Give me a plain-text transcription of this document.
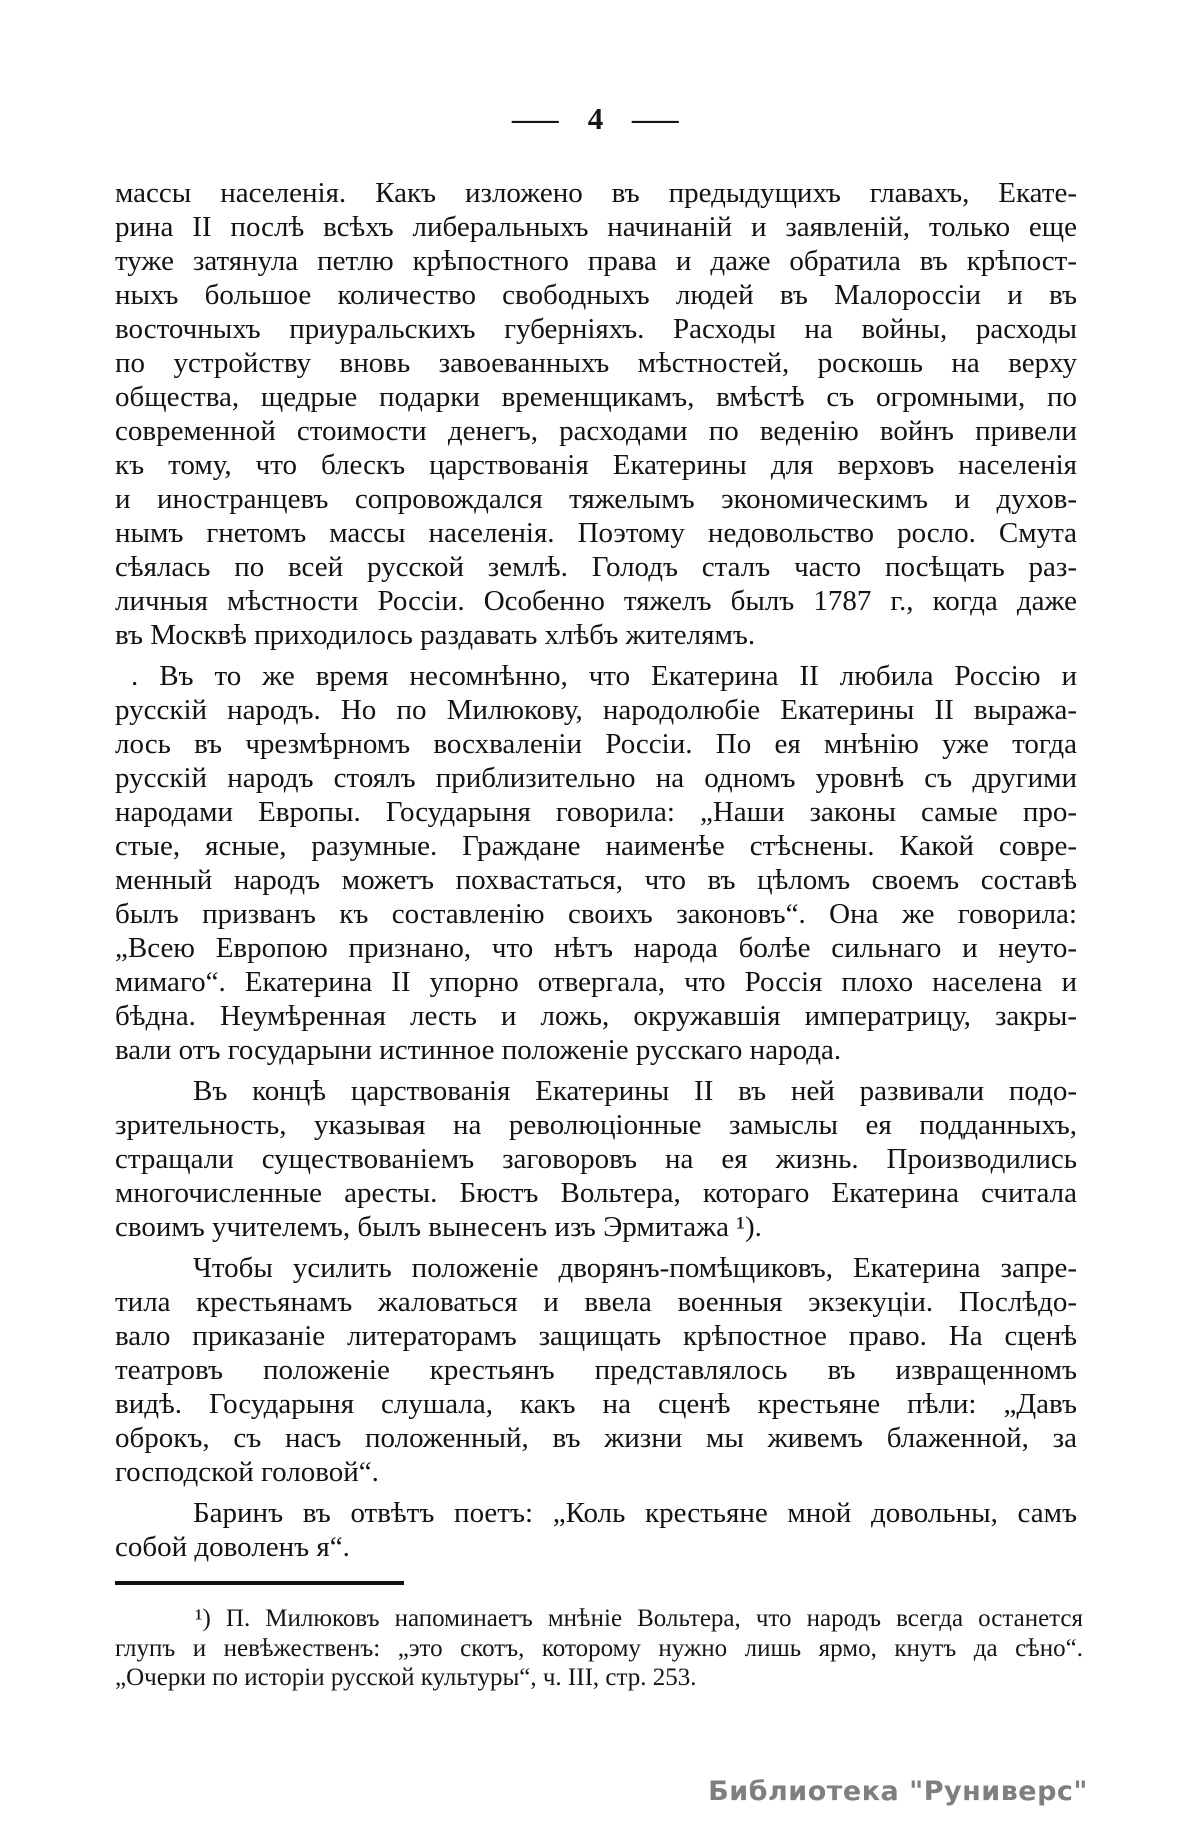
— 4 —
массы населенія. Какъ изложено въ предыдущихъ главахъ, Екате-
рина II послѣ всѣхъ либеральныхъ начинаній и заявленій, только еще
туже затянула петлю крѣпостного права и даже обратила въ крѣпост-
ныхъ большое количество свободныхъ людей въ Малороссіи и въ
восточныхъ приуральскихъ губерніяхъ. Расходы на войны, расходы
по устройству вновь завоеванныхъ мѣстностей, роскошь на верху
общества, щедрые подарки временщикамъ, вмѣстѣ съ огромными, по
современной стоимости денегъ, расходами по веденію войнъ привели
къ тому, что блескъ царствованія Екатерины для верховъ населенія
и иностранцевъ сопровождался тяжелымъ экономическимъ и духов-
нымъ гнетомъ массы населенія. Поэтому недовольство росло. Смута
сѣялась по всей русской землѣ. Голодъ сталъ часто посѣщать раз-
личныя мѣстности Россіи. Особенно тяжелъ былъ 1787 г., когда даже
въ Москвѣ приходилось раздавать хлѣбъ жителямъ.
. Въ то же время несомнѣнно, что Екатерина II любила Россію и
русскій народъ. Но по Милюкову, народолюбіе Екатерины II выража-
лось въ чрезмѣрномъ восхваленіи Россіи. По ея мнѣнію уже тогда
русскій народъ стоялъ приблизительно на одномъ уровнѣ съ другими
народами Европы. Государыня говорила: „Наши законы самые про-
стые, ясные, разумные. Граждане наименѣе стѣснены. Какой совре-
менный народъ можетъ похвастаться, что въ цѣломъ своемъ составѣ
былъ призванъ къ составленію своихъ законовъ“. Она же говорила:
„Всею Европою признано, что нѣтъ народа болѣе сильнаго и неуто-
мимаго“. Екатерина II упорно отвергала, что Россія плохо населена и
бѣдна. Неумѣренная лесть и ложь, окружавшія императрицу, закры-
вали отъ государыни истинное положеніе русскаго народа.
Въ концѣ царствованія Екатерины II въ ней развивали подо-
зрительность, указывая на революціонные замыслы ея подданныхъ,
стращали существованіемъ заговоровъ на ея жизнь. Производились
многочисленные аресты. Бюстъ Вольтера, котораго Екатерина считала
своимъ учителемъ, былъ вынесенъ изъ Эрмитажа ¹).
Чтобы усилить положеніе дворянъ-помѣщиковъ, Екатерина запре-
тила крестьянамъ жаловаться и ввела военныя экзекуціи. Послѣдо-
вало приказаніе литераторамъ защищать крѣпостное право. На сценѣ
театровъ положеніе крестьянъ представлялось въ извращенномъ
видѣ. Государыня слушала, какъ на сценѣ крестьяне пѣли: „Давъ
оброкъ, съ насъ положенный, въ жизни мы живемъ блаженной, за
господской головой“.
Баринъ въ отвѣтъ поетъ: „Коль крестьяне мной довольны, самъ
собой доволенъ я“.
¹) П. Милюковъ напоминаетъ мнѣніе Вольтера, что народъ всегда останется
глупъ и невѣжественъ: „это скотъ, которому нужно лишь ярмо, кнутъ да сѣно“.
„Очерки по исторіи русской культуры“, ч. III, стр. 253.
Библиотека "Руниверс"
